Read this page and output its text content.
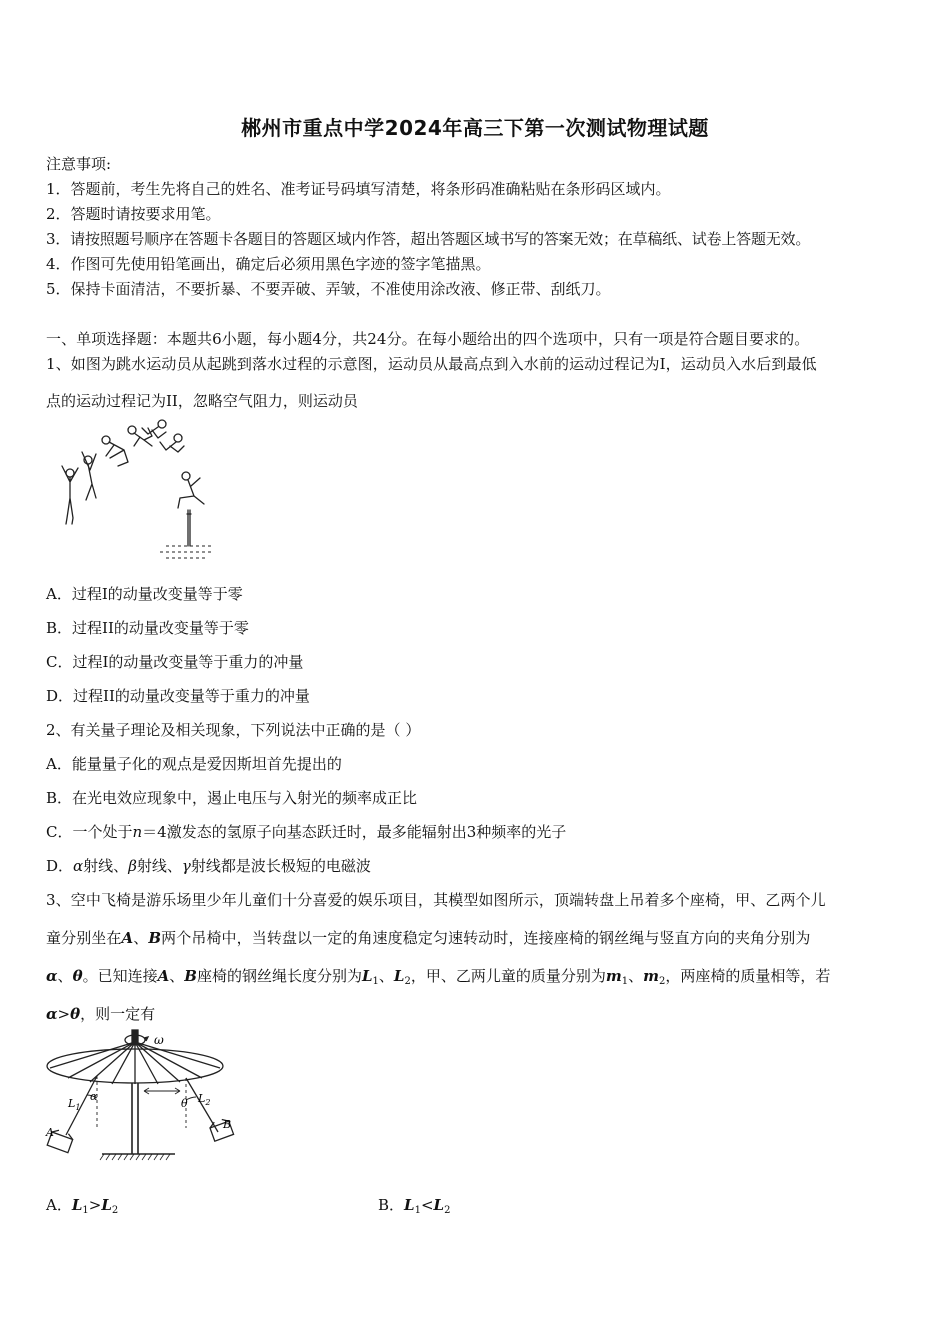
郴州市重点中学2024年高三下第一次测试物理试题
注意事项:
1．答题前，考生先将自己的姓名、准考证号码填写清楚，将条形码准确粘贴在条形码区域内。
2．答题时请按要求用笔。
3．请按照题号顺序在答题卡各题目的答题区域内作答，超出答题区域书写的答案无效；在草稿纸、试卷上答题无效。
4．作图可先使用铅笔画出，确定后必须用黑色字迹的签字笔描黑。
5．保持卡面清洁，不要折暴、不要弄破、弄皱，不准使用涂改液、修正带、刮纸刀。
一、单项选择题：本题共6小题，每小题4分，共24分。在每小题给出的四个选项中，只有一项是符合题目要求的。
1、如图为跳水运动员从起跳到落水过程的示意图，运动员从最高点到入水前的运动过程记为I，运动员入水后到最低
点的运动过程记为II，忽略空气阻力，则运动员
A．过程I的动量改变量等于零
B．过程II的动量改变量等于零
C．过程I的动量改变量等于重力的冲量
D．过程II的动量改变量等于重力的冲量
2、有关量子理论及相关现象，下列说法中正确的是（ ）
A．能量量子化的观点是爱因斯坦首先提出的
B．在光电效应现象中，遏止电压与入射光的频率成正比
C．一个处于n＝4激发态的氢原子向基态跃迁时，最多能辐射出3种频率的光子
D．α射线、β射线、γ射线都是波长极短的电磁波
3、空中飞椅是游乐场里少年儿童们十分喜爱的娱乐项目，其模型如图所示，顶端转盘上吊着多个座椅，甲、乙两个儿
童分别坐在A、B两个吊椅中，当转盘以一定的角速度稳定匀速转动时，连接座椅的钢丝绳与竖直方向的夹角分别为
α、θ。已知连接A、B座椅的钢丝绳长度分别为$L_1$、$L_2$，甲、乙两儿童的质量分别为$m_1$、$m_2$，两座椅的质量相等，若
α>θ，则一定有
ω
$L_1$
α
θ $L_2$
A
B
A．$L_1>L_2$	B．$L_1<L_2$
